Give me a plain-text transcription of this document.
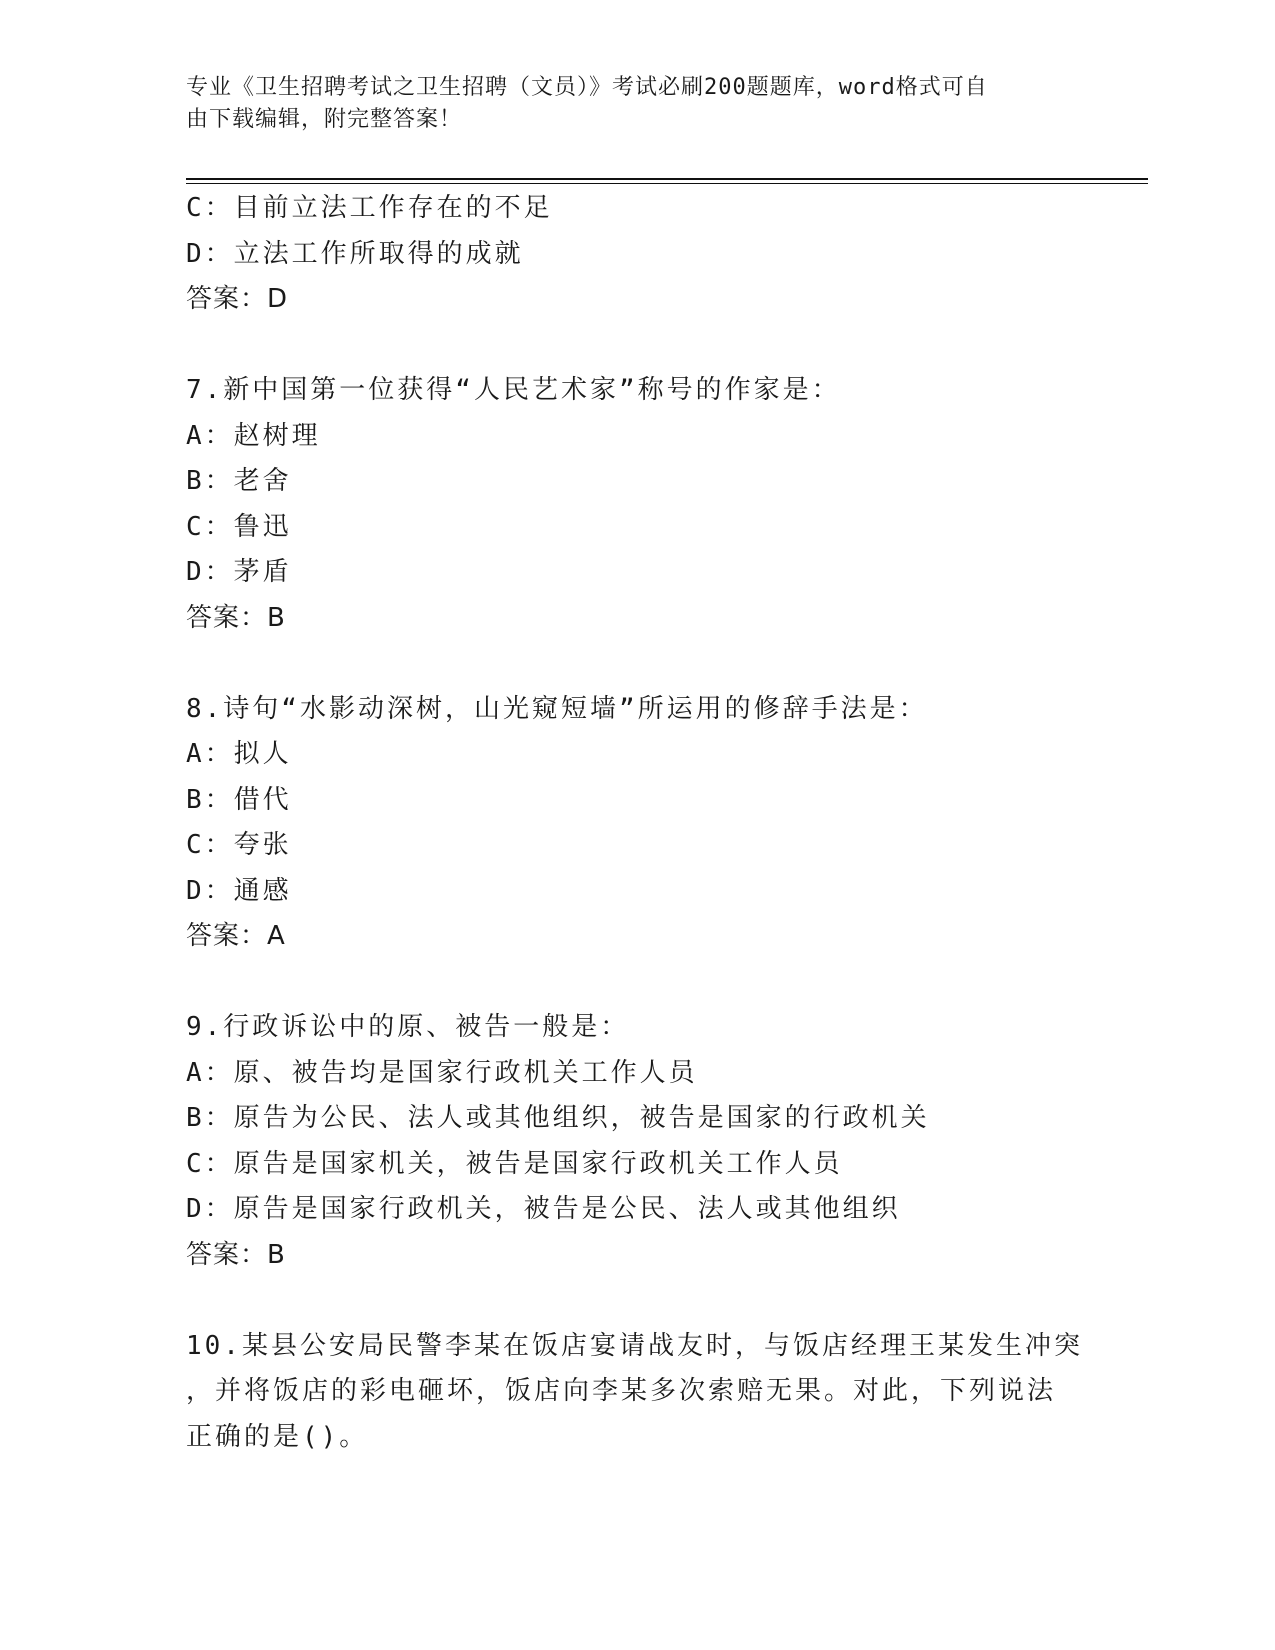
专业《卫生招聘考试之卫生招聘（文员）》考试必刷200题题库，word格式可自
由下载编辑，附完整答案！
C：目前立法工作存在的不足
D：立法工作所取得的成就
答案：D
7.新中国第一位获得“人民艺术家”称号的作家是：
A：赵树理
B：老舍
C：鲁迅
D：茅盾
答案：B
8.诗句“水影动深树，山光窥短墙”所运用的修辞手法是：
A：拟人
B：借代
C：夸张
D：通感
答案：A
9.行政诉讼中的原、被告一般是：
A：原、被告均是国家行政机关工作人员
B：原告为公民、法人或其他组织，被告是国家的行政机关
C：原告是国家机关，被告是国家行政机关工作人员
D：原告是国家行政机关，被告是公民、法人或其他组织
答案：B
10.某县公安局民警李某在饭店宴请战友时，与饭店经理王某发生冲突
，并将饭店的彩电砸坏，饭店向李某多次索赔无果。对此，下列说法
正确的是()。
